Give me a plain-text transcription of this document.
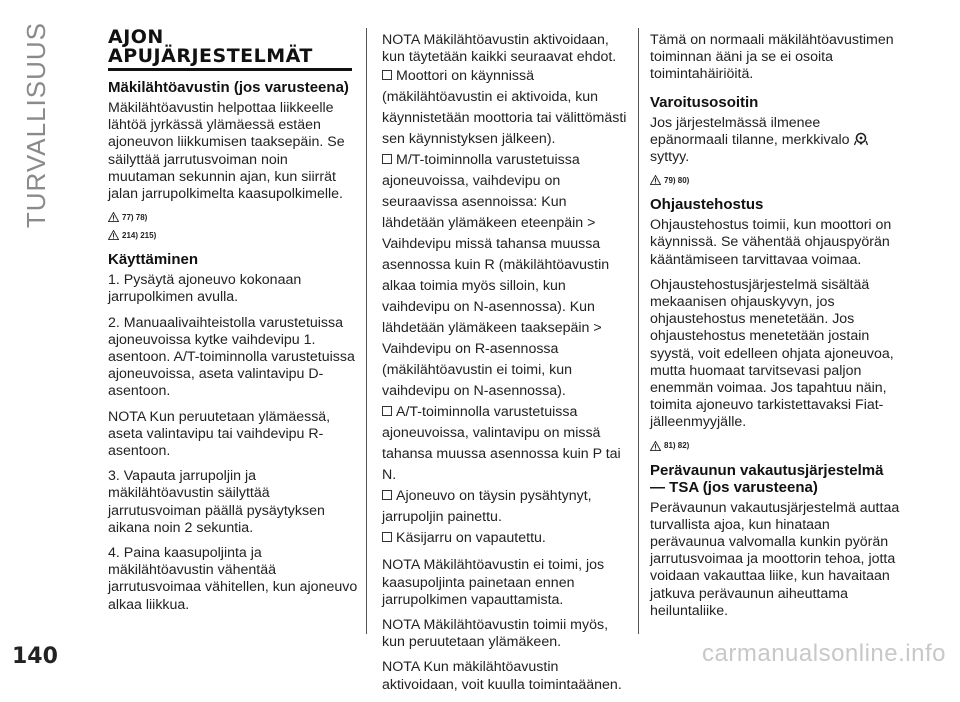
TURVALLISUUS	AJON
APUJÄRJESTELMÄT
Mäkilähtöavustin (jos varusteena)

Mäkilähtöavustin helpottaa liikkeelle lähtöä jyrkässä ylämäessä estäen ajoneuvon liikkumisen taaksepäin. Se säilyttää jarrutusvoiman noin muutaman sekunnin ajan, kun siirrät jalan jarrupolkimelta kaasupolkimelle.

77) 78)
214) 215)
Käyttäminen

1. Pysäytä ajoneuvo kokonaan jarrupolkimen avulla.

2. Manuaalivaihteistolla varustetuissa ajoneuvoissa kytke vaihdevipu 1. asentoon. A/T-toiminnolla varustetuissa ajoneuvoissa, aseta valintavipu D-asentoon.

NOTA Kun peruutetaan ylämäessä, aseta valintavipu tai vaihdevipu R-asentoon.

3. Vapauta jarrupoljin ja mäkilähtöavustin säilyttää jarrutusvoiman päällä pysäytyksen aikana noin 2 sekuntia.

4. Paina kaasupoljinta ja mäkilähtöavustin vähentää jarrutusvoimaa vähitellen, kun ajoneuvo alkaa liikkua.

NOTA Mäkilähtöavustin aktivoidaan, kun täytetään kaikki seuraavat ehdot.
Moottori on käynnissä (mäkilähtöavustin ei aktivoida, kun käynnistetään moottoria tai välittömästi sen käynnistyksen jälkeen).
M/T-toiminnolla varustetuissa ajoneuvoissa, vaihdevipu on seuraavissa asennoissa: Kun lähdetään ylämäkeen eteenpäin > Vaihdevipu missä tahansa muussa asennossa kuin R (mäkilähtöavustin alkaa toimia myös silloin, kun vaihdevipu on N-asennossa). Kun lähdetään ylämäkeen taaksepäin > Vaihdevipu on R-asennossa (mäkilähtöavustin ei toimi, kun vaihdevipu on N-asennossa).
A/T-toiminnolla varustetuissa ajoneuvoissa, valintavipu on missä tahansa muussa asennossa kuin P tai N.
Ajoneuvo on täysin pysähtynyt, jarrupoljin painettu.
Käsijarru on vapautettu.

NOTA Mäkilähtöavustin ei toimi, jos kaasupoljinta painetaan ennen jarrupolkimen vapauttamista.

NOTA Mäkilähtöavustin toimii myös, kun peruutetaan ylämäkeen.

NOTA Kun mäkilähtöavustin aktivoidaan, voit kuulla toimintaäänen.

Tämä on normaali mäkilähtöavustimen toiminnan ääni ja se ei osoita toimintahäiriöitä.

Varoitusosoitin

Jos järjestelmässä ilmenee epänormaali tilanne, merkkivalo  syttyy.

79) 80)
Ohjaustehostus

Ohjaustehostus toimii, kun moottori on käynnissä. Se vähentää ohjauspyörän kääntämiseen tarvittavaa voimaa.

Ohjaustehostusjärjestelmä sisältää mekaanisen ohjauskyvyn, jos ohjaustehostus menetetään. Jos ohjaustehostus menetetään jostain syystä, voit edelleen ohjata ajoneuvoa, mutta huomaat tarvitsevasi paljon enemmän voimaa. Jos tapahtuu näin, toimita ajoneuvo tarkistettavaksi Fiat-jälleenmyyjälle.

81) 82)
Perävaunun vakautusjärjestelmä — TSA (jos varusteena)

Perävaunun vakautusjärjestelmä auttaa turvallista ajoa, kun hinataan perävaunua valvomalla kunkin pyörän jarrutusvoimaa ja moottorin tehoa, jotta voidaan vakauttaa liike, kun havaitaan jatkuva perävaunun aiheuttama heiluntaliike.

140	carmanualsonline.info
